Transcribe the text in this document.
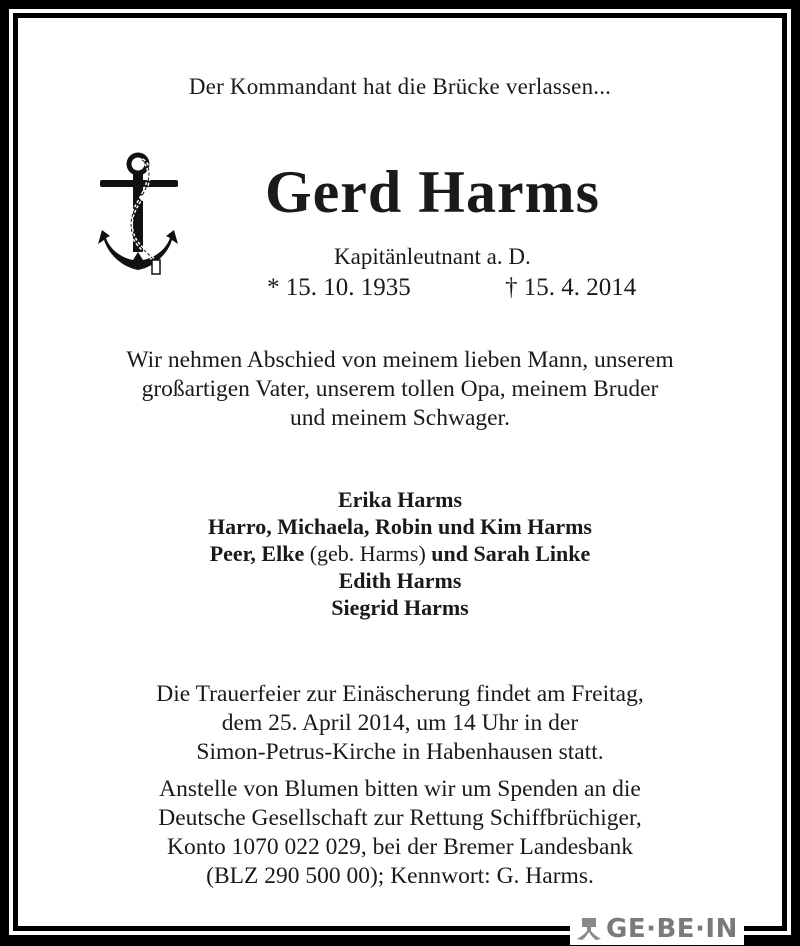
Der Kommandant hat die Brücke verlassen...
Gerd Harms
Kapitänleutnant a. D.
* 15. 10. 1935	† 15. 4. 2014
Wir nehmen Abschied von meinem lieben Mann, unserem
großartigen Vater, unserem tollen Opa, meinem Bruder
und meinem Schwager.
Erika Harms
Harro, Michaela, Robin und Kim Harms
Peer, Elke (geb. Harms) und Sarah Linke
Edith Harms
Siegrid Harms
Die Trauerfeier zur Einäscherung findet am Freitag,
dem 25. April 2014, um 14 Uhr in der
Simon-Petrus-Kirche in Habenhausen statt.
Anstelle von Blumen bitten wir um Spenden an die
Deutsche Gesellschaft zur Rettung Schiffbrüchiger,
Konto 1070 022 029, bei der Bremer Landesbank
(BLZ 290 500 00); Kennwort: G. Harms.
GE·BE·IN
